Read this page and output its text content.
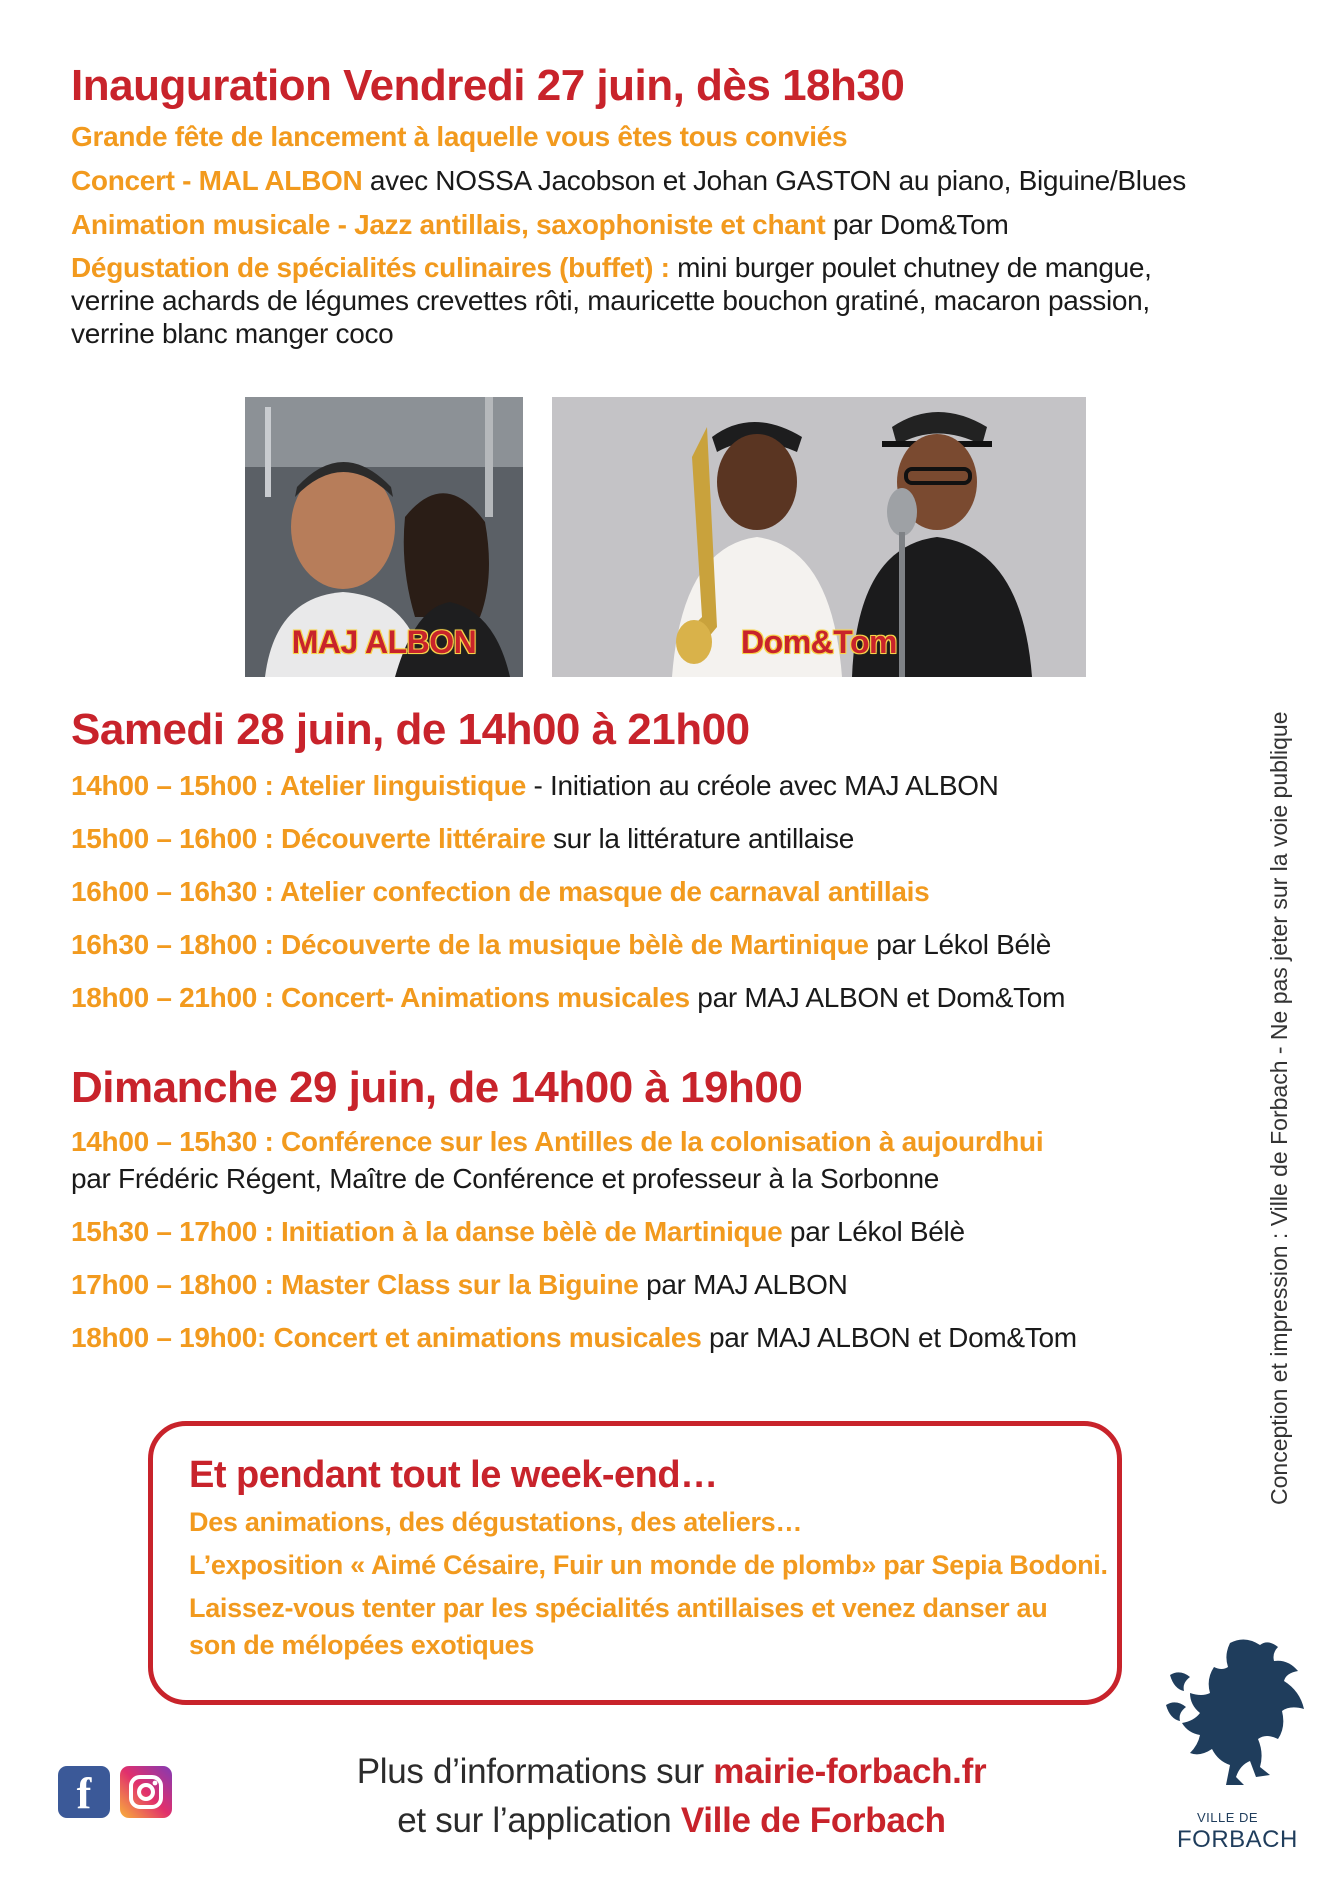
Inauguration Vendredi 27 juin, dès 18h30

Grande fête de lancement à laquelle vous êtes tous conviés

Concert - MAL ALBON avec NOSSA Jacobson et Johan GASTON au piano, Biguine/Blues

Animation musicale - Jazz antillais, saxophoniste et chant par Dom&Tom

Dégustation de spécialités culinaires (buffet) : mini burger poulet chutney de mangue, verrine achards de légumes crevettes rôti, mauricette bouchon gratiné, macaron passion, verrine blanc manger coco

MAJ ALBON	Dom&Tom
Samedi 28 juin, de 14h00 à 21h00

14h00 – 15h00 : Atelier linguistique - Initiation au créole avec MAJ ALBON

15h00 – 16h00 : Découverte littéraire sur la littérature antillaise

16h00 – 16h30 : Atelier confection de masque de carnaval antillais

16h30 – 18h00 : Découverte de la musique bèlè de Martinique par Lékol Bélè

18h00 – 21h00 : Concert- Animations musicales par MAJ ALBON et Dom&Tom

Dimanche 29 juin, de 14h00 à 19h00

14h00 – 15h30 : Conférence sur les Antilles de la colonisation à aujourdhui

par Frédéric Régent, Maître de Conférence et professeur à la Sorbonne

15h30 – 17h00 : Initiation à la danse bèlè de Martinique par Lékol Bélè

17h00 – 18h00 : Master Class sur la Biguine par MAJ ALBON

18h00 – 19h00: Concert et animations musicales par MAJ ALBON et Dom&Tom

Et pendant tout le week-end…

Des animations, des dégustations, des ateliers…

L’exposition « Aimé Césaire, Fuir un monde de plomb» par Sepia Bodoni.

Laissez-vous tenter par les spécialités antillaises et venez danser au

son de mélopées exotiques

Conception et impression : Ville de Forbach - Ne pas jeter sur la voie publique
f	Plus d’informations sur mairie-forbach.fr
et sur l’application Ville de Forbach	VILLE DE
FORBACH
